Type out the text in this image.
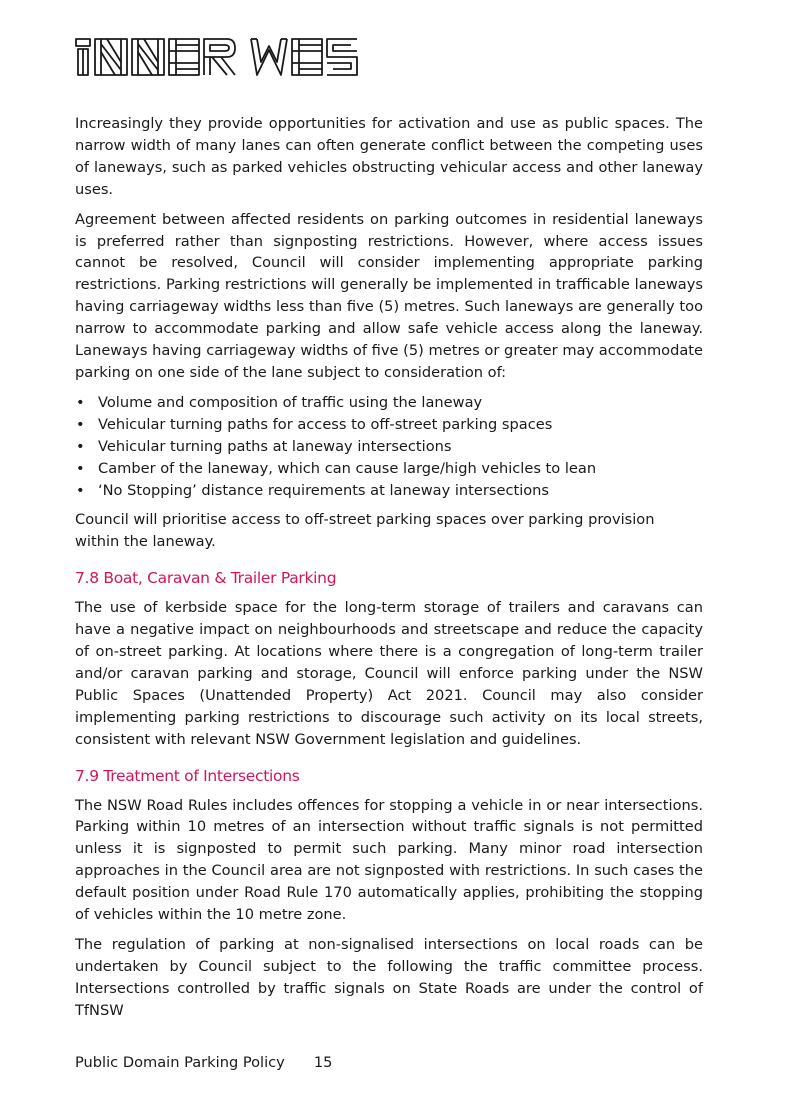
Increasingly they provide opportunities for activation and use as public spaces. The narrow width of many lanes can often generate conflict between the competing uses of laneways, such as parked vehicles obstructing vehicular access and other laneway uses.

Agreement between affected residents on parking outcomes in residential laneways is preferred rather than signposting restrictions. However, where access issues cannot be resolved, Council will consider implementing appropriate parking restrictions. Parking restrictions will generally be implemented in trafficable laneways having carriageway widths less than five (5) metres. Such laneways are generally too narrow to accommodate parking and allow safe vehicle access along the laneway. Laneways having carriageway widths of five (5) metres or greater may accommodate parking on one side of the lane subject to consideration of:

• Volume and composition of traffic using the laneway
• Vehicular turning paths for access to off-street parking spaces
• Vehicular turning paths at laneway intersections
• Camber of the laneway, which can cause large/high vehicles to lean
• ‘No Stopping’ distance requirements at laneway intersections

Council will prioritise access to off-street parking spaces over parking provision within the laneway.

7.8 Boat, Caravan & Trailer Parking

The use of kerbside space for the long-term storage of trailers and caravans can have a negative impact on neighbourhoods and streetscape and reduce the capacity of on-street parking. At locations where there is a congregation of long-term trailer and/or caravan parking and storage, Council will enforce parking under the NSW Public Spaces (Unattended Property) Act 2021. Council may also consider implementing parking restrictions to discourage such activity on its local streets, consistent with relevant NSW Government legislation and guidelines.

7.9 Treatment of Intersections

The NSW Road Rules includes offences for stopping a vehicle in or near intersections. Parking within 10 metres of an intersection without traffic signals is not permitted unless it is signposted to permit such parking. Many minor road intersection approaches in the Council area are not signposted with restrictions. In such cases the default position under Road Rule 170 automatically applies, prohibiting the stopping of vehicles within the 10 metre zone.

The regulation of parking at non-signalised intersections on local roads can be undertaken by Council subject to the following the traffic committee process. Intersections controlled by traffic signals on State Roads are under the control of TfNSW

Public Domain Parking Policy 15
